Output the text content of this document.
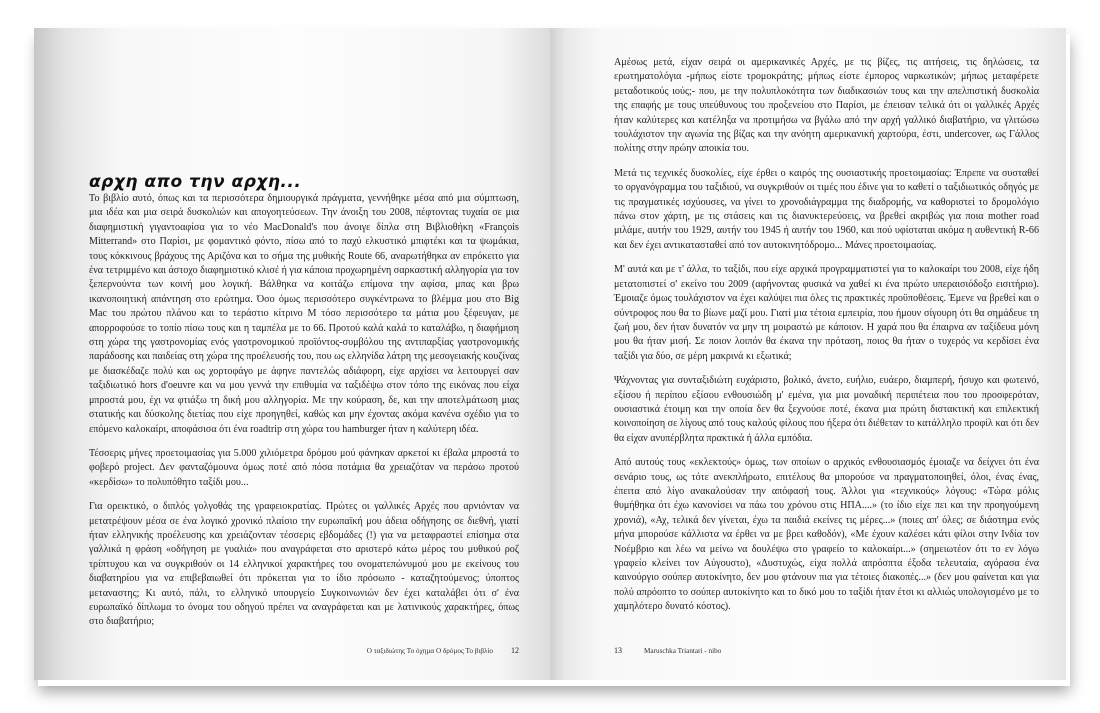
αρχη απο την αρχη...

Το βιβλίο αυτό, όπως και τα περισσότερα δημιουργικά πράγματα, γεννήθηκε μέσα από μια σύμπτωση, μια ιδέα και μια σειρά δυσκολιών και απογοητεύσεων. Την άνοιξη του 2008, πέφτοντας τυχαία σε μια διαφημιστική γιγαντοαφίσα για το νέο MacDonald's που άνοιγε δίπλα στη Βιβλιοθήκη «François Mitterrand» στο Παρίσι, με φομαντικό φόντο, πίσω από το παχύ ελκυστικό μπιφτέκι και τα ψωμάκια, τους κόκκινους βράχους της Αριζόνα και το σήμα της μυθικής Route 66, αναρωτήθηκα αν επρόκειτο για ένα τετριμμένο και άστοχο διαφημιστικό κλισέ ή για κάποια προχωρημένη σαρκαστική αλληγορία για τον ξεπερνούντα των κοινή μου λογική. Βάλθηκα να κοιτάζω επίμονα την αφίσα, μπας και βρω ικανοποιητική απάντηση στο ερώτημα. Όσο όμως περισσότερο συγκέντρωνα το βλέμμα μου στο Big Mac του πρώτου πλάνου και το τεράστιο κίτρινο M τόσο περισσότερο τα μάτια μου ξέφευγαν, με απορροφούσε το τοπίο πίσω τους και η ταμπέλα με το 66. Προτού καλά καλά το καταλάβω, η διαφήμιση στη χώρα της γαστρονομίας ενός γαστρονομικού προϊόντος-συμβόλου της αντιπαρξίας γαστρονομικής παράδοσης και παιδείας στη χώρα της προέλευσής του, που ως ελληνίδα λάτρη της μεσογειακής κουζίνας με διασκέδαζε πολύ και ως χορτοφάγο με άφηνε παντελώς αδιάφορη, είχε αρχίσει να λειτουργεί σαν ταξιδιωτικό hors d'oeuvre και να μου γεννά την επιθυμία να ταξιδέψω στον τόπο της εικόνας που είχα μπροστά μου, έχι να φτιάξω τη δική μου αλληγορία. Με την κούραση, δε, και την αποτελμάτωση μιας στατικής και δύσκολης διετίας που είχε προηγηθεί, καθώς και μην έχοντας ακόμα κανένα σχέδιο για το επόμενο καλοκαίρι, αποφάσισα ότι ένα roadtrip στη χώρα του hamburger ήταν η καλύτερη ιδέα.

Τέσσερις μήνες προετοιμασίας για 5.000 χιλιόμετρα δρόμου μού φάνηκαν αρκετοί κι έβαλα μπροστά το φοβερό project. Δεν φανταζόμουνα όμως ποτέ από πόσα ποτάμια θα χρειαζόταν να περάσω προτού «κερδίσω» το πολυπόθητο ταξίδι μου...

Για ορεικτικό, ο διπλός γολγοθάς της γραφειοκρατίας. Πρώτες οι γαλλικές Αρχές που αρνιόνταν να μετατρέψουν μέσα σε ένα λογικό χρονικό πλαίσιο την ευρωπαϊκή μου άδεια οδήγησης σε διεθνή, γιατί ήταν ελληνικής προέλευσης και χρειάζονταν τέσσερις εβδομάδες (!) για να μεταφραστεί επίσημα στα γαλλικά η φράση «οδήγηση με γυαλιά» που αναγράφεται στο αριστερό κάτω μέρος του μυθικού ροζ τρίπτυχου και να συγκριθούν οι 14 ελληνικοί χαρακτήρες του ονοματεπώνυμού μου με εκείνους του διαβατηρίου για να επιβεβαιωθεί ότι πρόκειται για το ίδιο πρόσωπο - καταζητούμενος; ύποπτος μεταναστης; Κι αυτό, πάλι, το ελληνικό υπουργείο Συγκοινωνιών δεν έχει καταλάβει ότι σ' ένα ευρωπαϊκό δίπλωμα το όνομα του οδηγού πρέπει να αναγράφεται και με λατινικούς χαρακτήρες, όπως στο διαβατήριο;

Ο ταξιδιώτης Το όχημα Ο δρόμος Το βιβλίο 12

Αμέσως μετά, είχαν σειρά οι αμερικανικές Αρχές, με τις βίζες, τις αιτήσεις, τις δηλώσεις, τα ερωτηματολόγια -μήπως είστε τρομοκράτης; μήπως είστε έμπορος ναρκωτικών; μήπως μεταφέρετε μεταδοτικούς ιούς;- που, με την πολυπλοκότητα των διαδικασιών τους και την απελπιστική δυσκολία της επαφής με τους υπεύθυνους του προξενείου στο Παρίσι, με έπεισαν τελικά ότι οι γαλλικές Αρχές ήταν καλύτερες και κατέληξα να προτιμήσω να βγάλω από την αρχή γαλλικό διαβατήριο, να γλιτώσω τουλάχιστον την αγωνία της βίζας και την ανόητη αμερικανική χαρτούρα, έστι, undercover, ως Γάλλος πολίτης στην πρώην αποικία του.

Μετά τις τεχνικές δυσκολίες, είχε έρθει ο καιρός της ουσιαστικής προετοιμασίας: Έπρεπε να συσταθεί το οργανόγραμμα του ταξιδιού, να συγκριθούν οι τιμές που έδινε για το καθετί ο ταξιδιωτικός οδηγός με τις πραγματικές ισχύουσες, να γίνει το χρονοδιάγραμμα της διαδρομής, να καθοριστεί το δρομολόγιο πάνω στον χάρτη, με τις στάσεις και τις διανυκτερεύσεις, να βρεθεί ακριβώς για ποια mother road μιλάμε, αυτήν του 1929, αυτήν του 1945 ή αυτήν του 1960, και πού υφίσταται ακόμα η αυθεντική R-66 και δεν έχει αντικατασταθεί από τον αυτοκινητόδρομο... Μάνες προετοιμασίας.

Μ' αυτά και με τ' άλλα, το ταξίδι, που είχε αρχικά προγραμματιστεί για το καλοκαίρι του 2008, είχε ήδη μετατοπιστεί σ' εκείνο του 2009 (αφήνοντας φυσικά να χαθεί κι ένα πρώτο υπεραισιόδοξο εισιτήριο). Έμοιαζε όμως τουλάχιστον να έχει καλύψει πια όλες τις πρακτικές προϋποθέσεις. Έμενε να βρεθεί και ο σύντροφος που θα το βίωνε μαζί μου. Γιατί μια τέτοια εμπειρία, που ήμουν σίγουρη ότι θα σημάδευε τη ζωή μου, δεν ήταν δυνατόν να μην τη μοιραστώ με κάποιον. Η χαρά που θα έπαιρνα αν ταξίδευα μόνη μου θα ήταν μισή. Σε ποιον λοιπόν θα έκανα την πρόταση, ποιος θα ήταν ο τυχερός να κερδίσει ένα ταξίδι για δύο, σε μέρη μακρινά κι εξωτικά;

Ψάχνοντας για συνταξιδιώτη ευχάριστο, βολικό, άνετο, ευήλιο, ευάερο, διαμπερή, ήσυχο και φωτεινό, εξίσου ή περίπου εξίσου ενθουσιώδη μ' εμένα, για μια μοναδική περιπέτεια που του προσφερόταν, ουσιαστικά έτοιμη και την οποία δεν θα ξεχνούσε ποτέ, έκανα μια πρώτη διστακτική και επιλεκτική κοινοποίηση σε λίγους από τους καλούς φίλους που ήξερα ότι διέθεταν το κατάλληλο προφίλ και ότι δεν θα είχαν ανυπέρβλητα πρακτικά ή άλλα εμπόδια.

Από αυτούς τους «εκλεκτούς» όμως, των οποίων ο αρχικός ενθουσιασμός έμοιαζε να δείχνει ότι ένα σενάριο τους, ως τότε ανεκπλήρωτο, επιτέλους θα μπορούσε να πραγματοποιηθεί, όλοι, ένας ένας, έπειτα από λίγο ανακαλούσαν την απόφασή τους. Άλλοι για «τεχνικούς» λόγους: «Τώρα μόλις θυμήθηκα ότι έχω κανονίσει να πάω του χρόνου στις ΗΠΑ....» (το ίδιο είχε πει και την προηγούμενη χρονιά), «Αχ, τελικά δεν γίνεται, έχω τα παιδιά εκείνες τις μέρες...» (ποιες απ' όλες; σε διάστημα ενός μήνα μπορούσε κάλλιστα να έρθει να με βρει καθοδόν), «Με έχουν καλέσει κάτι φίλοι στην Ινδία τον Νοέμβριο και λέω να μείνω να δουλέψω στο γραφείο το καλοκαίρι...» (σημειωτέον ότι το εν λόγω γραφείο κλείνει τον Αύγουστο), «Δυστυχώς, είχα πολλά απρόσπτα έξοδα τελευταία, αγόρασα ένα καινούργιο σούπερ αυτοκίνητο, δεν μου φτάνουν πια για τέτοιες διακοπές...» (δεν μου φαίνεται και για πολύ απρόοπτο το σούπερ αυτοκίνητο και το δικό μου το ταξίδι ήταν έτσι κι αλλιώς υπολογισμένο με το χαμηλότερο δυνατό κόστος).

13	Maruschka Triantari - nibo
